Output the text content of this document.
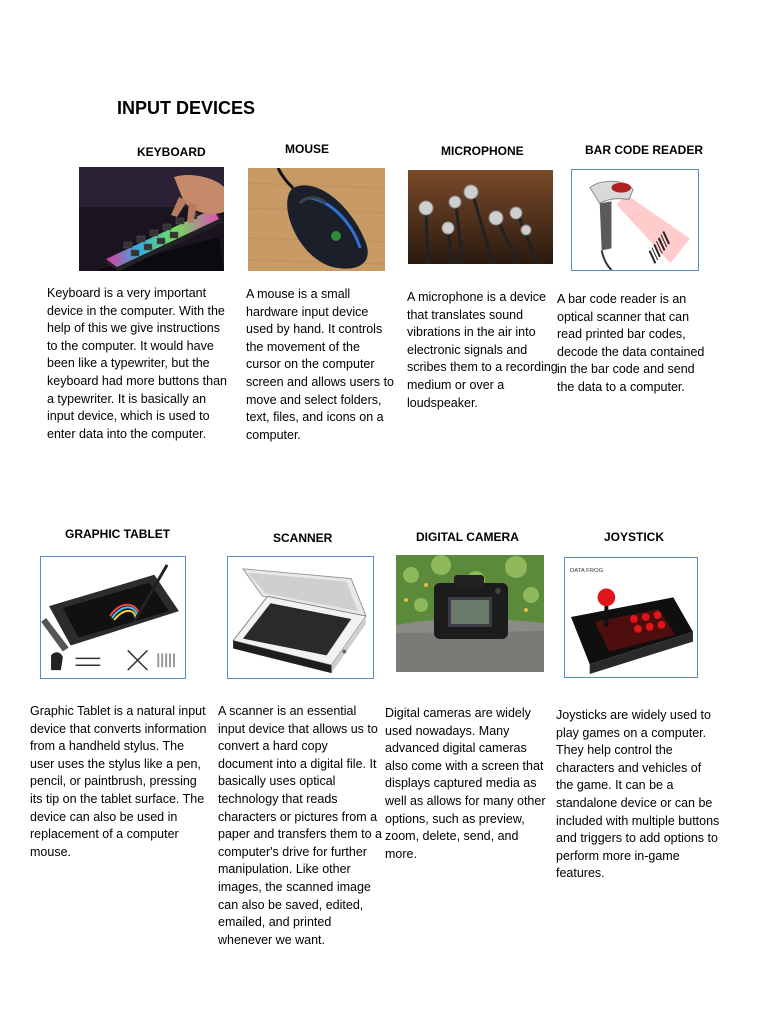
INPUT DEVICES
KEYBOARD	MOUSE	MICROPHONE	BAR CODE READER
Keyboard is a very important device in the computer. With the help of this we give instructions to the computer. It would have been like a typewriter, but the keyboard had more buttons than a typewriter. It is basically an input device, which is used to enter data into the computer.
A mouse is a small hardware input device used by hand. It controls the movement of the cursor on the computer screen and allows users to move and select folders, text, files, and icons on a computer.
A microphone is a device that translates sound vibrations in the air into electronic signals and scribes them to a recording medium or over a loudspeaker.
A bar code reader is an optical scanner that can read printed bar codes, decode the data contained in the bar code and send the data to a computer.
GRAPHIC TABLET	SCANNER	DIGITAL CAMERA	JOYSTICK
DATA FROG
Graphic Tablet is a natural input device that converts information from a handheld stylus. The user uses the stylus like a pen, pencil, or paintbrush, pressing its tip on the tablet surface. The device can also be used in replacement of a computer mouse.
A scanner is an essential input device that allows us to convert a hard copy document into a digital file. It basically uses optical technology that reads characters or pictures from a paper and transfers them to a computer's drive for further manipulation. Like other images, the scanned image can also be saved, edited, emailed, and printed whenever we want.
Digital cameras are widely used nowadays. Many advanced digital cameras also come with a screen that displays captured media as well as allows for many other options, such as preview, zoom, delete, send, and more.
Joysticks are widely used to play games on a computer. They help control the characters and vehicles of the game. It can be a standalone device or can be included with multiple buttons and triggers to add options to perform more in-game features.
